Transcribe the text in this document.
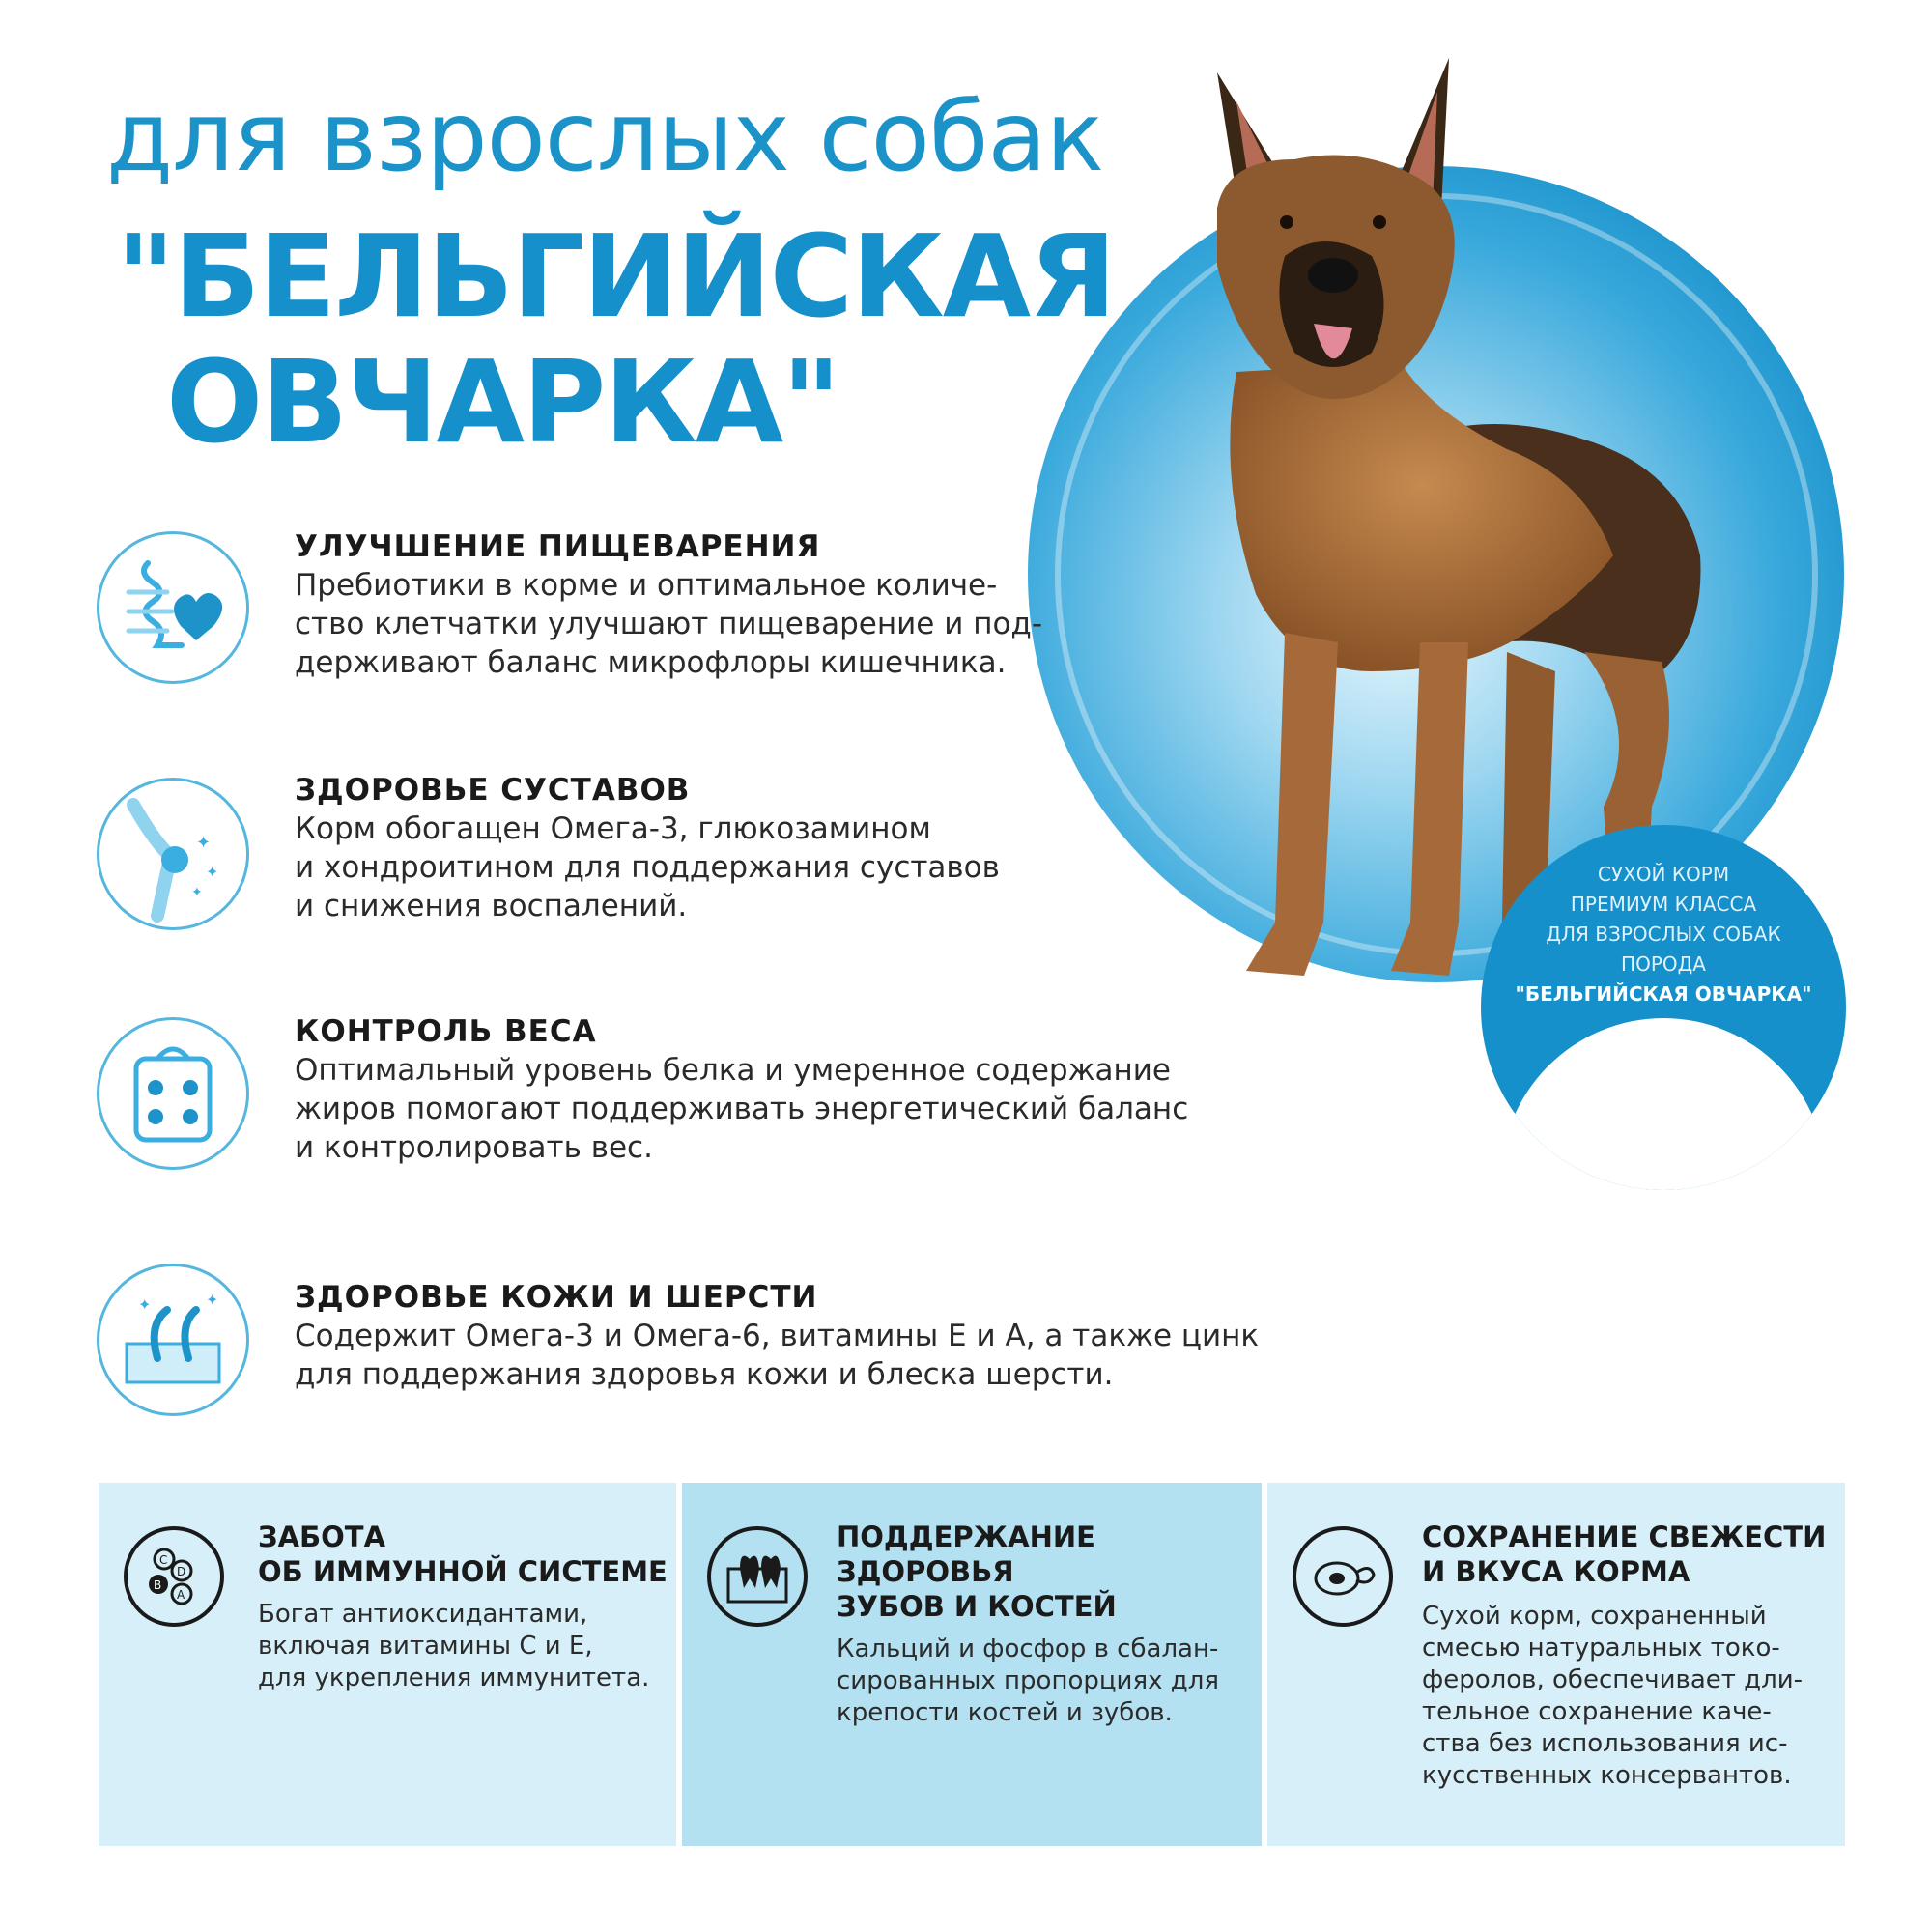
для взрослых собак
"БЕЛЬГИЙСКАЯ
ОВЧАРКА"
СУХОЙ КОРМ
ПРЕМИУМ КЛАССА
ДЛЯ ВЗРОСЛЫХ СОБАК
ПОРОДА
"БЕЛЬГИЙСКАЯ ОВЧАРКА"
УЛУЧШЕНИЕ ПИЩЕВАРЕНИЯ
Пребиотики в корме и оптимальное количе-
ство клетчатки улучшают пищеварение и под-
держивают баланс микрофлоры кишечника.
✦
✦
✦
ЗДОРОВЬЕ СУСТАВОВ
Корм обогащен Омега-3, глюкозамином
и хондроитином для поддержания суставов
и снижения воспалений.
КОНТРОЛЬ ВЕСА
Оптимальный уровень белка и умеренное содержание
жиров помогают поддерживать энергетический баланс
и контролировать вес.
✦	✦	ЗДОРОВЬЕ КОЖИ И ШЕРСТИ
Содержит Омега-3 и Омега-6, витамины Е и А, а также цинк
для поддержания здоровья кожи и блеска шерсти.
C
D
B
A
ЗАБОТА
ОБ ИММУННОЙ СИСТЕМЕ
Богат антиоксидантами,
включая витамины С и Е,
для укрепления иммунитета.
ПОДДЕРЖАНИЕ
ЗДОРОВЬЯ
ЗУБОВ И КОСТЕЙ
Кальций и фосфор в сбалан-
сированных пропорциях для
крепости костей и зубов.
СОХРАНЕНИЕ СВЕЖЕСТИ
И ВКУСА КОРМА
Сухой корм, сохраненный
смесью натуральных токо-
феролов, обеспечивает дли-
тельное сохранение каче-
ства без использования ис-
кусственных консервантов.
